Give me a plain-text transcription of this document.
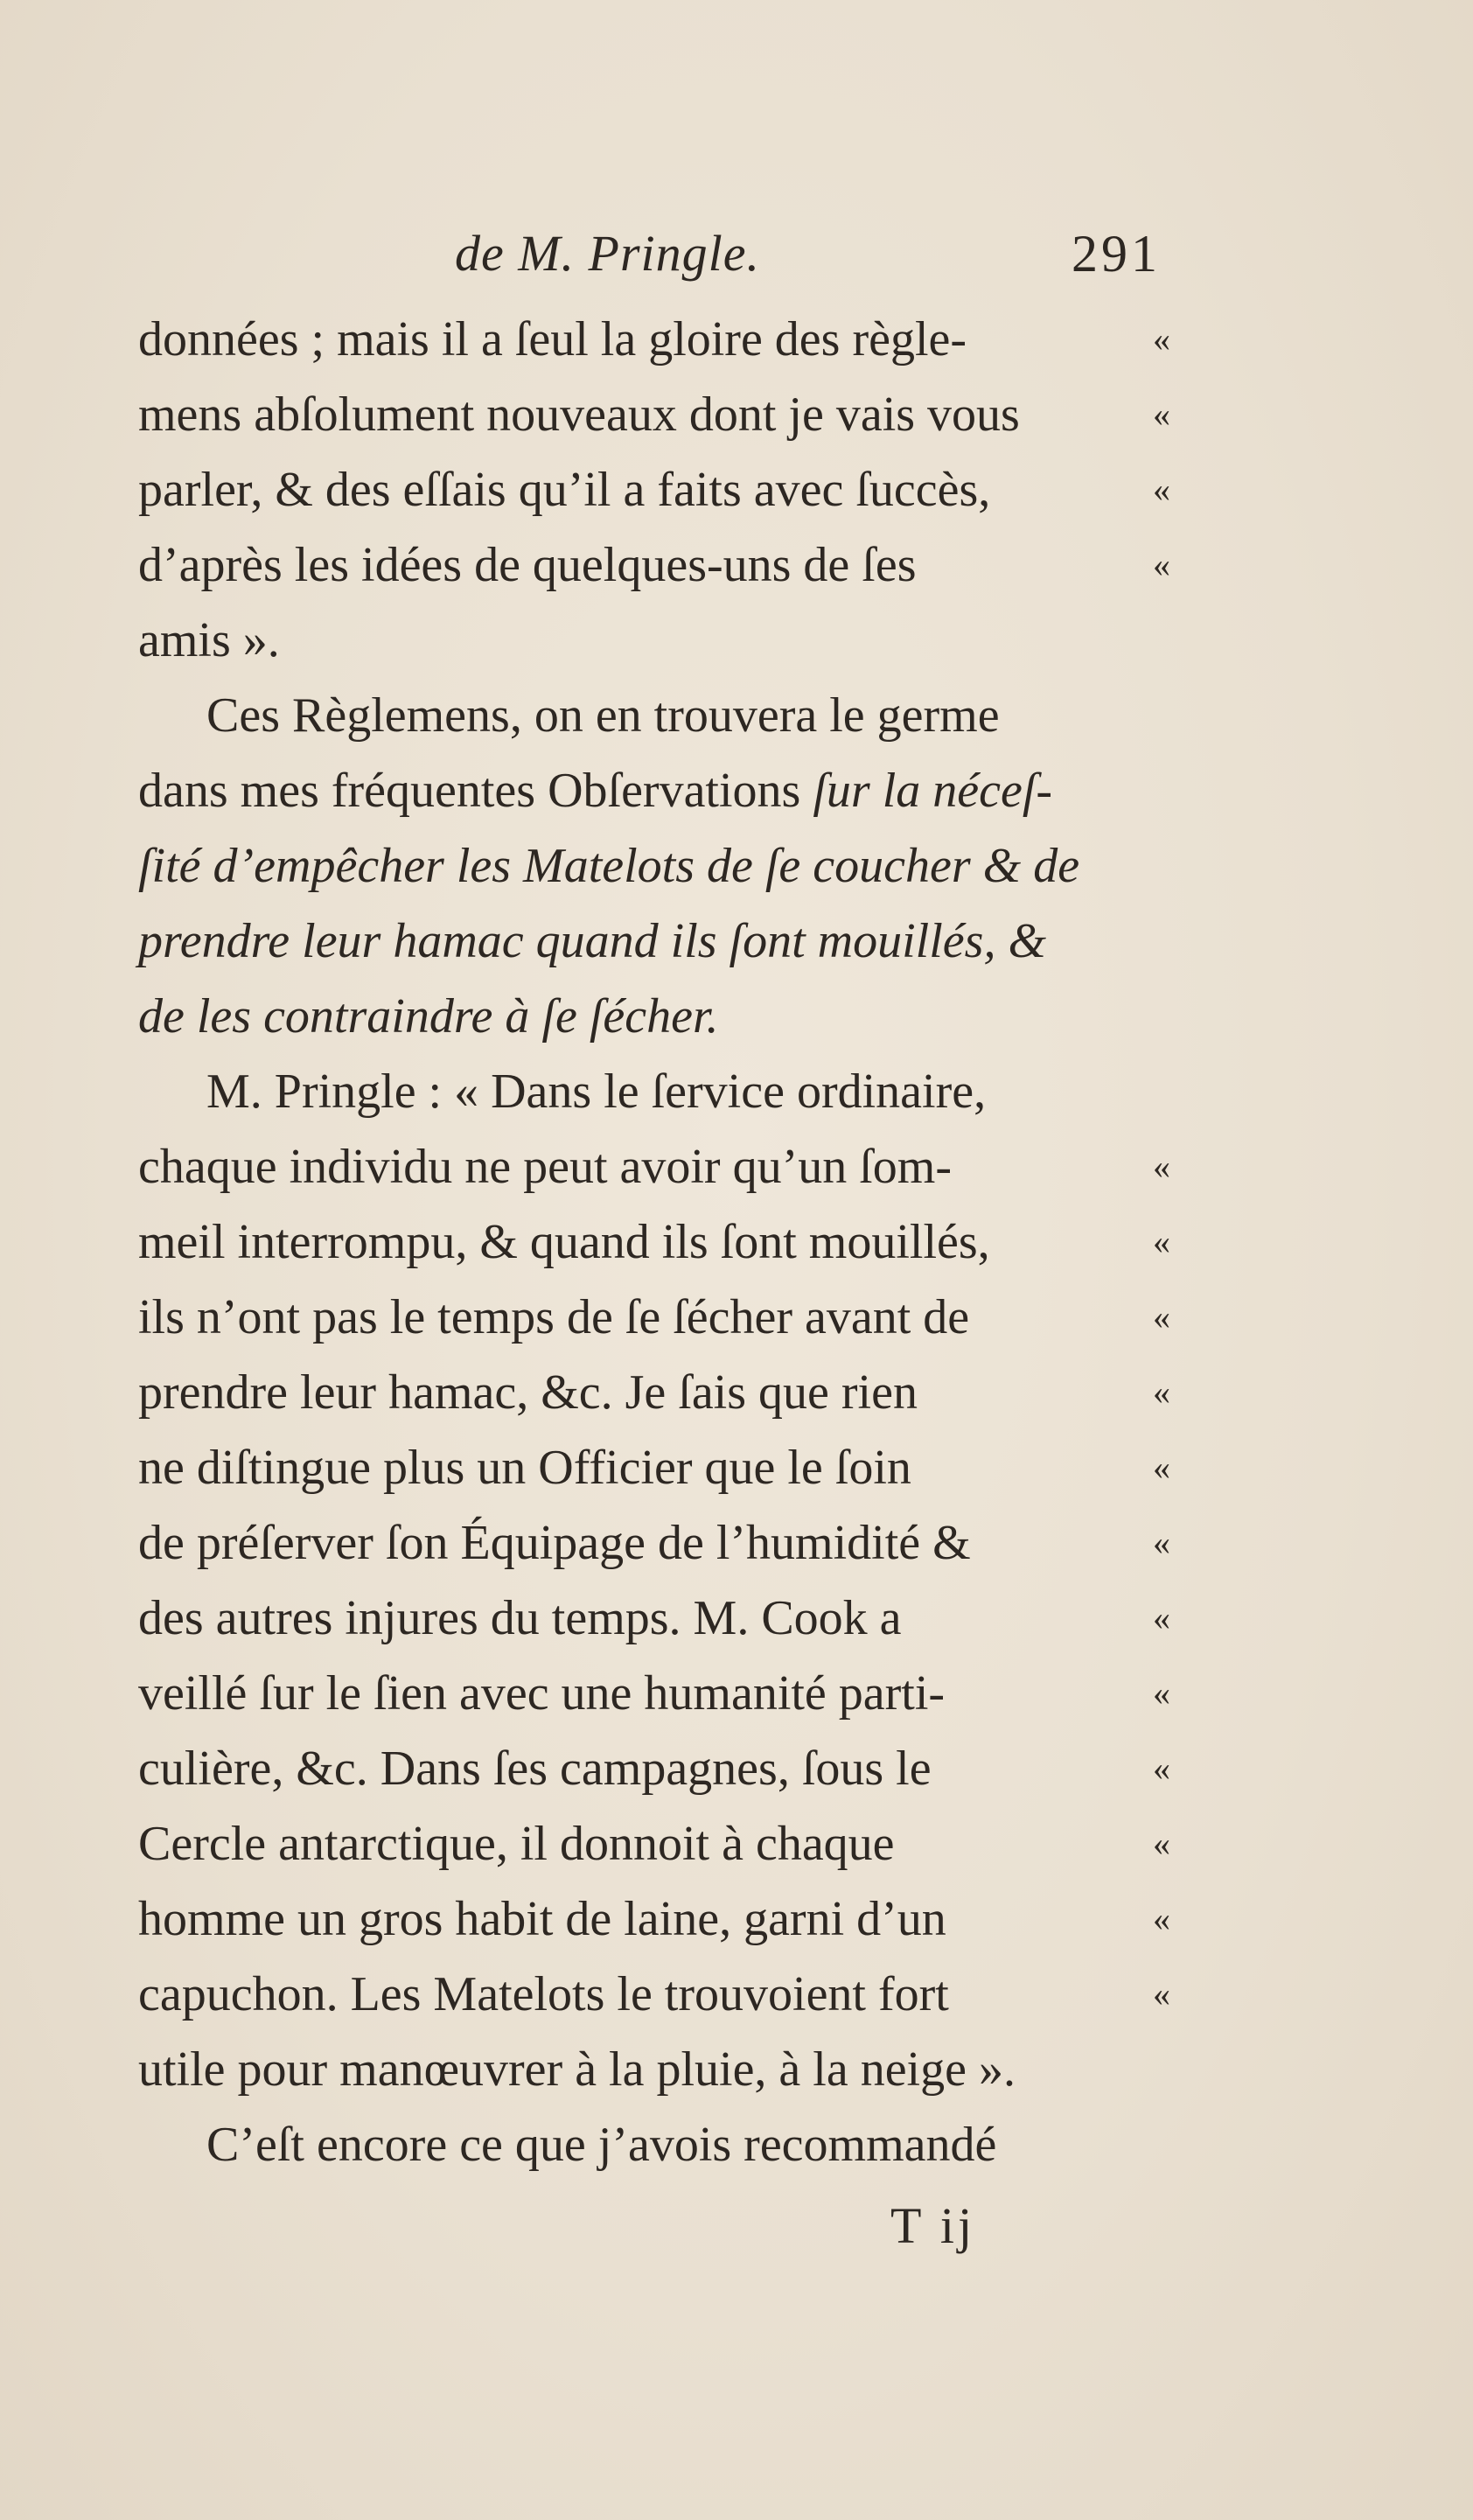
de M. Pringle.	291
données ; mais il a ſeul la gloire des règle-	«
mens abſolument nouveaux dont je vais vous	«
parler, & des eſſais qu’il a faits avec ſuccès,	«
d’après les idées de quelques-uns de ſes	«
amis ».
Ces Règlemens, on en trouvera le germe
dans mes fréquentes Obſervations ſur la néceſ-
ſité d’empêcher les Matelots de ſe coucher & de
prendre leur hamac quand ils ſont mouillés, &
de les contraindre à ſe ſécher.
M. Pringle : « Dans le ſervice ordinaire,
chaque individu ne peut avoir qu’un ſom-	«
meil interrompu, & quand ils ſont mouillés,	«
ils n’ont pas le temps de ſe ſécher avant de	«
prendre leur hamac, &c. Je ſais que rien	«
ne diſtingue plus un Officier que le ſoin	«
de préſerver ſon Équipage de l’humidité &	«
des autres injures du temps. M. Cook a	«
veillé ſur le ſien avec une humanité parti-	«
culière, &c. Dans ſes campagnes, ſous le	«
Cercle antarctique, il donnoit à chaque	«
homme un gros habit de laine, garni d’un	«
capuchon. Les Matelots le trouvoient fort	«
utile pour manœuvrer à la pluie, à la neige ».
C’eſt encore ce que j’avois recommandé
T ij
